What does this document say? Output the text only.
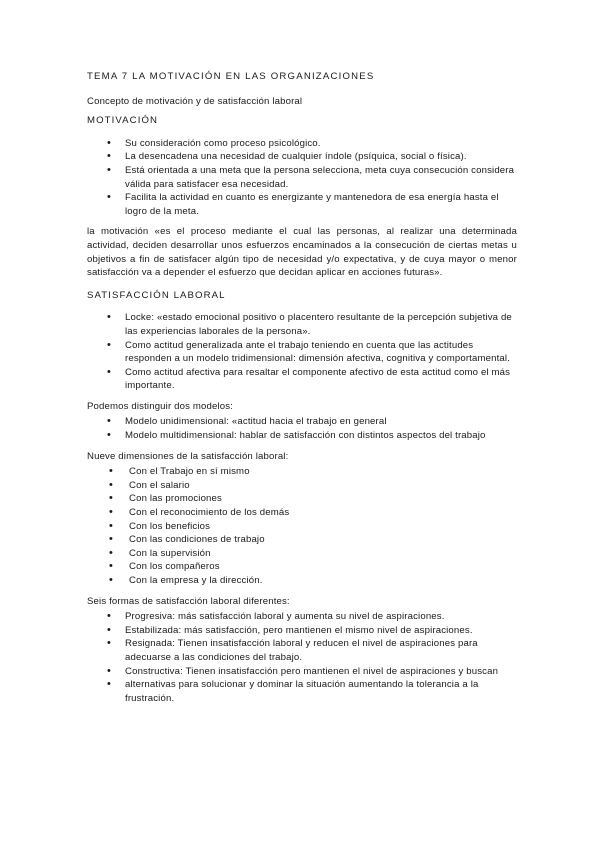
TEMA 7 LA MOTIVACIÓN EN LAS ORGANIZACIONES

Concepto de motivación y de satisfacción laboral

MOTIVACIÓN

• Su consideración como proceso psicológico.
• La desencadena una necesidad de cualquier índole (psíquica, social o física).
• Está orientada a una meta que la persona selecciona, meta cuya consecución considera válida para satisfacer esa necesidad.
• Facilita la actividad en cuanto es energizante y mantenedora de esa energía hasta el logro de la meta.

la motivación «es el proceso mediante el cual las personas, al realizar una determinada actividad, deciden desarrollar unos esfuerzos encaminados a la consecución de ciertas metas u objetivos a fin de satisfacer algún tipo de necesidad y/o expectativa, y de cuya mayor o menor satisfacción va a depender el esfuerzo que decidan aplicar en acciones futuras».

SATISFACCIÓN LABORAL

• Locke: «estado emocional positivo o placentero resultante de la percepción subjetiva de las experiencias laborales de la persona».
• Como actitud generalizada ante el trabajo teniendo en cuenta que las actitudes responden a un modelo tridimensional: dimensión afectiva, cognitiva y comportamental.
• Como actitud afectiva para resaltar el componente afectivo de esta actitud como el más importante.

Podemos distinguir dos modelos:

• Modelo unidimensional: «actitud hacia el trabajo en general
• Modelo multidimensional: hablar de satisfacción con distintos aspectos del trabajo

Nueve dimensiones de la satisfacción laboral:

• Con el Trabajo en sí mismo
• Con el salario
• Con las promociones
• Con el reconocimiento de los demás
• Con los beneficios
• Con las condiciones de trabajo
• Con la supervisión
• Con los compañeros
• Con la empresa y la dirección.

Seis formas de satisfacción laboral diferentes:

• Progresiva: más satisfacción laboral y aumenta su nivel de aspiraciones.
• Estabilizada: más satisfacción, pero mantienen el mismo nivel de aspiraciones.
• Resignada: Tienen insatisfacción laboral y reducen el nivel de aspiraciones para adecuarse a las condiciones del trabajo.
• Constructiva: Tienen insatisfacción pero mantienen el nivel de aspiraciones y buscan
• alternativas para solucionar y dominar la situación aumentando la tolerancia a la frustración.
